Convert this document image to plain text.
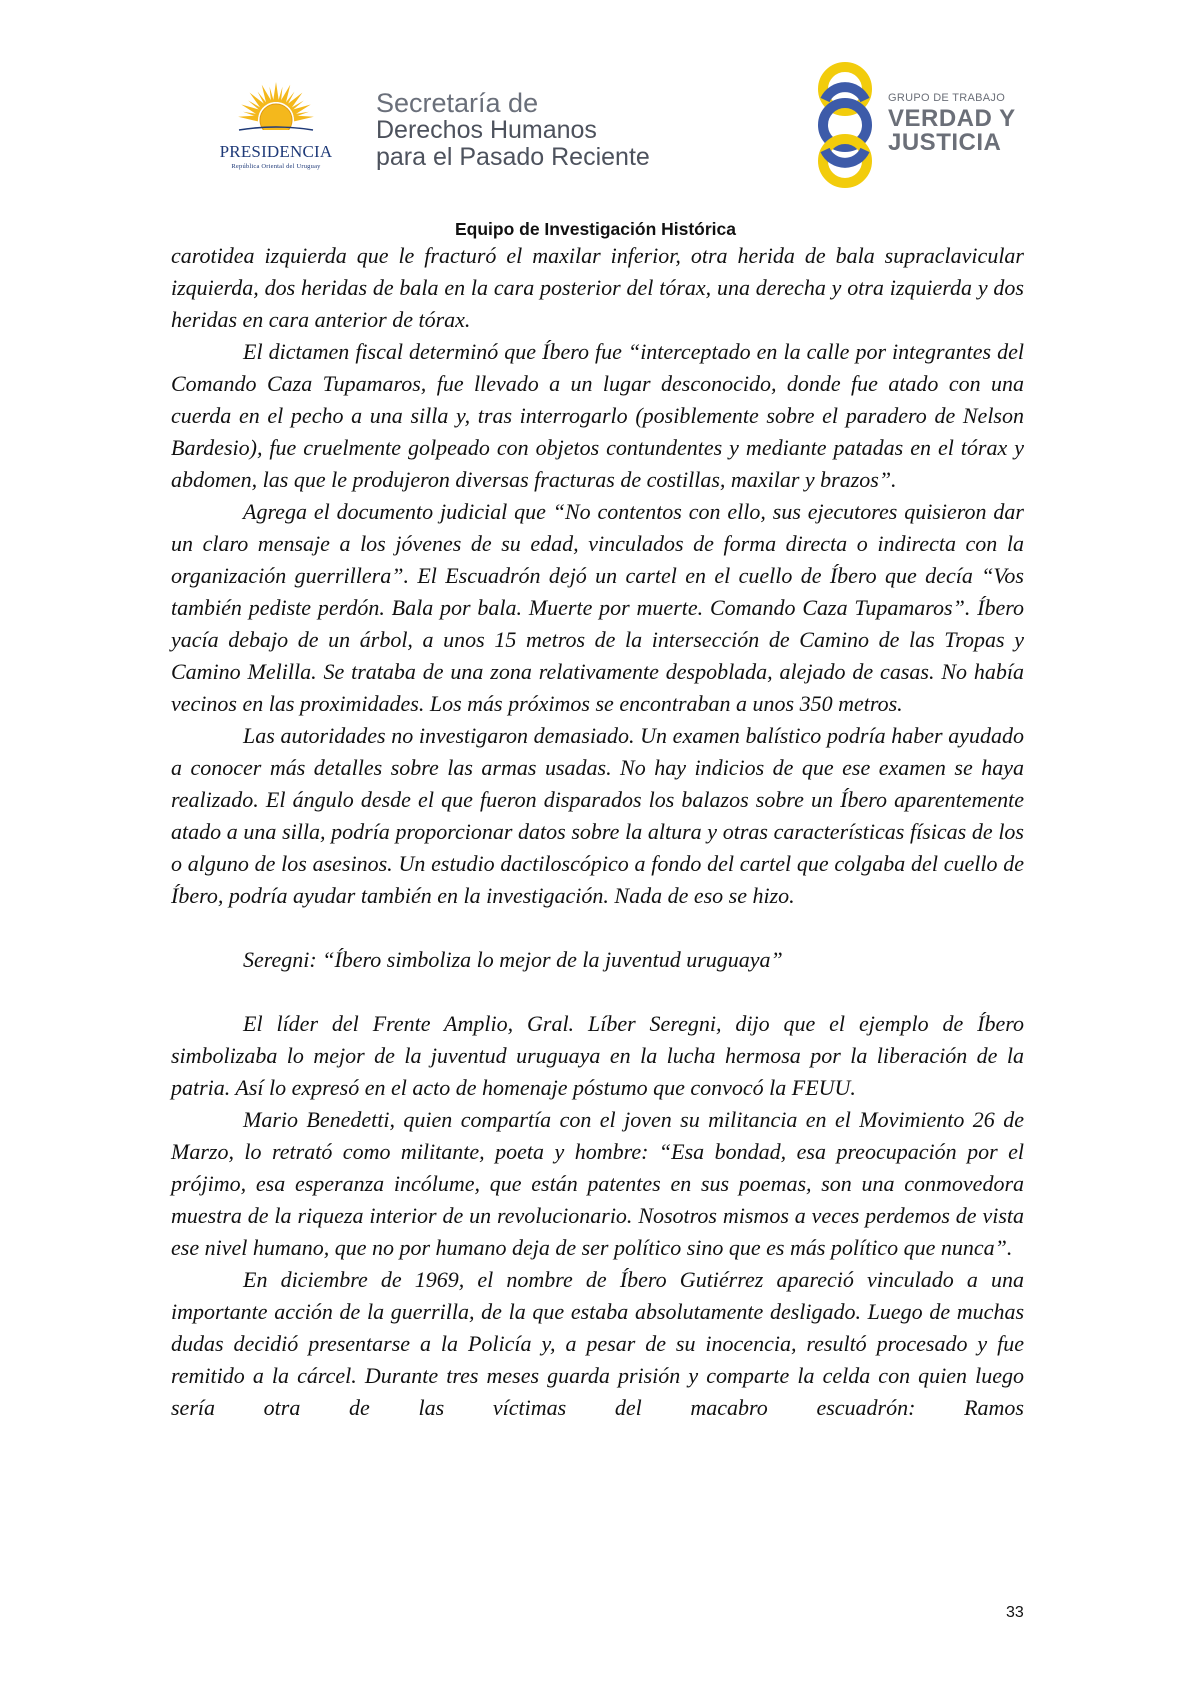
PRESIDENCIA
República Oriental del Uruguay
Secretaría de
Derechos Humanos
para el Pasado Reciente
GRUPO DE TRABAJO
VERDAD Y
JUSTICIA
Equipo de Investigación Histórica

carotidea izquierda que le fracturó el maxilar inferior, otra herida de bala supraclavicular izquierda, dos heridas de bala en la cara posterior del tórax, una derecha y otra izquierda y dos heridas en cara anterior de tórax.

El dictamen fiscal determinó que Íbero fue “interceptado en la calle por integrantes del Comando Caza Tupamaros, fue llevado a un lugar desconocido, donde fue atado con una cuerda en el pecho a una silla y, tras interrogarlo (posiblemente sobre el paradero de Nelson Bardesio), fue cruelmente golpeado con objetos contundentes y mediante patadas en el tórax y abdomen, las que le produjeron diversas fracturas de costillas, maxilar y brazos”.

Agrega el documento judicial que “No contentos con ello, sus ejecutores quisieron dar un claro mensaje a los jóvenes de su edad, vinculados de forma directa o indirecta con la organización guerrillera”. El Escuadrón dejó un cartel en el cuello de Íbero que decía “Vos también pediste perdón. Bala por bala. Muerte por muerte. Comando Caza Tupamaros”. Íbero yacía debajo de un árbol, a unos 15 metros de la intersección de Camino de las Tropas y Camino Melilla. Se trataba de una zona relativamente despoblada, alejado de casas. No había vecinos en las proximidades. Los más próximos se encontraban a unos 350 metros.

Las autoridades no investigaron demasiado. Un examen balístico podría haber ayudado a conocer más detalles sobre las armas usadas. No hay indicios de que ese examen se haya realizado. El ángulo desde el que fueron disparados los balazos sobre un Íbero aparentemente atado a una silla, podría proporcionar datos sobre la altura y otras características físicas de los o alguno de los asesinos. Un estudio dactiloscópico a fondo del cartel que colgaba del cuello de Íbero, podría ayudar también en la investigación. Nada de eso se hizo.

Seregni: “Íbero simboliza lo mejor de la juventud uruguaya”

El líder del Frente Amplio, Gral. Líber Seregni, dijo que el ejemplo de Íbero simbolizaba lo mejor de la juventud uruguaya en la lucha hermosa por la liberación de la patria. Así lo expresó en el acto de homenaje póstumo que convocó la FEUU.

Mario Benedetti, quien compartía con el joven su militancia en el Movimiento 26 de Marzo, lo retrató como militante, poeta y hombre: “Esa bondad, esa preocupación por el prójimo, esa esperanza incólume, que están patentes en sus poemas, son una conmovedora muestra de la riqueza interior de un revolucionario. Nosotros mismos a veces perdemos de vista ese nivel humano, que no por humano deja de ser político sino que es más político que nunca”.

En diciembre de 1969, el nombre de Íbero Gutiérrez apareció vinculado a una importante acción de la guerrilla, de la que estaba absolutamente desligado. Luego de muchas dudas decidió presentarse a la Policía y, a pesar de su inocencia, resultó procesado y fue remitido a la cárcel. Durante tres meses guarda prisión y comparte la celda con quien luego sería otra de las víctimas del macabro escuadrón: Ramos

33
